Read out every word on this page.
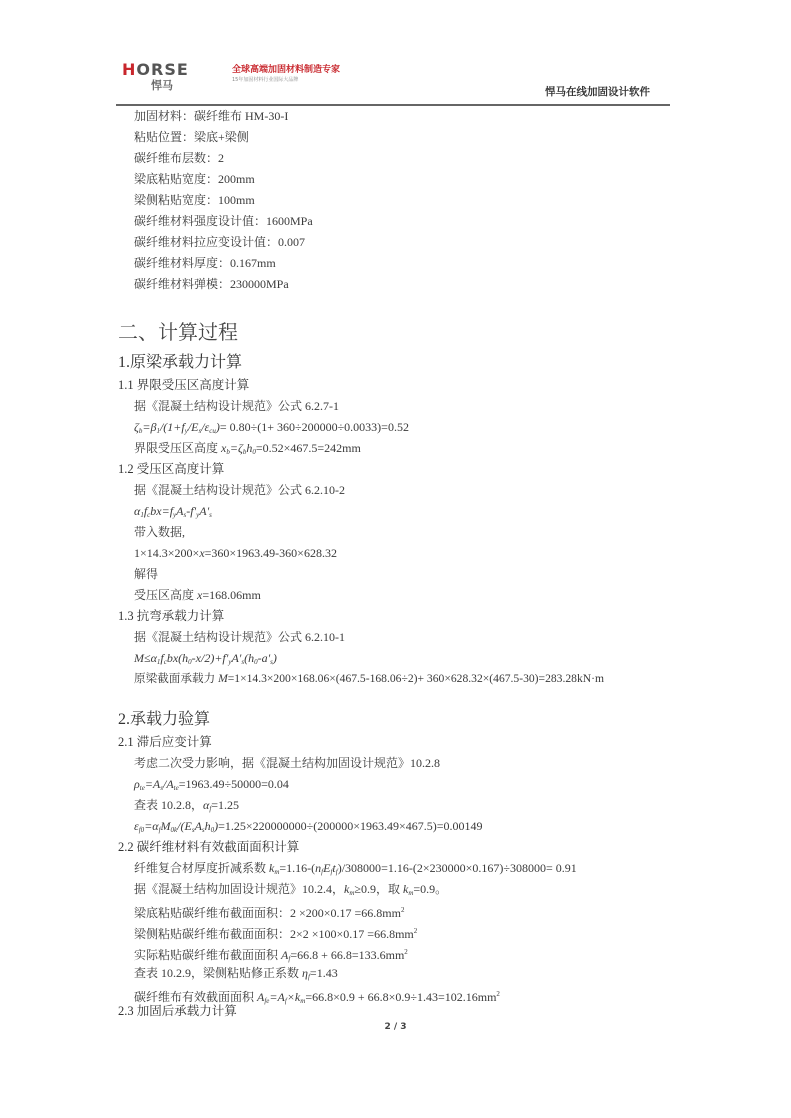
HORSE
悍马
全球高端加固材料制造专家
15年加固材料行业国际大品牌
悍马在线加固设计软件
加固材料：碳纤维布 HM-30-I
粘贴位置：梁底+梁侧
碳纤维布层数：2
梁底粘贴宽度：200mm
梁侧粘贴宽度：100mm
碳纤维材料强度设计值：1600MPa
碳纤维材料拉应变设计值：0.007
碳纤维材料厚度：0.167mm
碳纤维材料弹模：230000MPa
二、计算过程
1.原梁承载力计算
1.1 界限受压区高度计算
据《混凝土结构设计规范》公式 6.2.7-1
$\zeta_b=\beta_1/(1+f_y/E_s/\varepsilon_{cu})= 0.80\div(1+ 360\div 200000\div 0.0033)=0.52$
界限受压区高度 $x_b=\zeta_bh_0=0.52\times 467.5=242mm$
1.2 受压区高度计算
据《混凝土结构设计规范》公式 6.2.10-2
$\alpha_1f_cbx=f_yA_s-f'_yA'_s$
带入数据,
1×14.3×200×x=360×1963.49-360×628.32
解得
受压区高度 x=168.06mm
1.3 抗弯承载力计算
据《混凝土结构设计规范》公式 6.2.10-1
$M\le\alpha_1f_cbx(h_0-x/2)+f'_yA'_s(h_0-a'_s)$
原梁截面承载力 M=1×14.3×200×168.06×(467.5-168.06÷2)+ 360×628.32×(467.5-30)=283.28kN·m
2.承载力验算
2.1 滞后应变计算
考虑二次受力影响，据《混凝土结构加固设计规范》10.2.8
$\rho_{te}=A_s/A_{te}=1963.49\div 50000=0.04$
查表 10.2.8，$\alpha_f=1.25$
$\varepsilon_{f0}=\alpha_fM_{0k}/(E_sA_sh_0)=1.25\times 220000000\div(200000\times 1963.49\times 467.5)=0.00149$
2.2 碳纤维材料有效截面面积计算
纤维复合材厚度折减系数 $k_m=1.16-(n_fE_ft_f)/308000=1.16-(2\times 230000\times 0.167)\div 308000= 0.91$
据《混凝土结构加固设计规范》10.2.4，$k_m\ge 0.9$，取 $k_m=0.9$。
梁底粘贴碳纤维布截面面积：$2 \times 200\times 0.17 =66.8mm^2$
梁侧粘贴碳纤维布截面面积：$2\times 2 \times 100\times 0.17 =66.8mm^2$
实际粘贴碳纤维布截面面积 $A_f=66.8 + 66.8=133.6mm^2$
查表 10.2.9，梁侧粘贴修正系数 $\eta_f=1.43$
碳纤维布有效截面面积 $A_{fe}=A_f\times k_m=66.8\times 0.9 + 66.8\times 0.9\div 1.43=102.16mm^2$
2.3 加固后承载力计算
2 / 3
